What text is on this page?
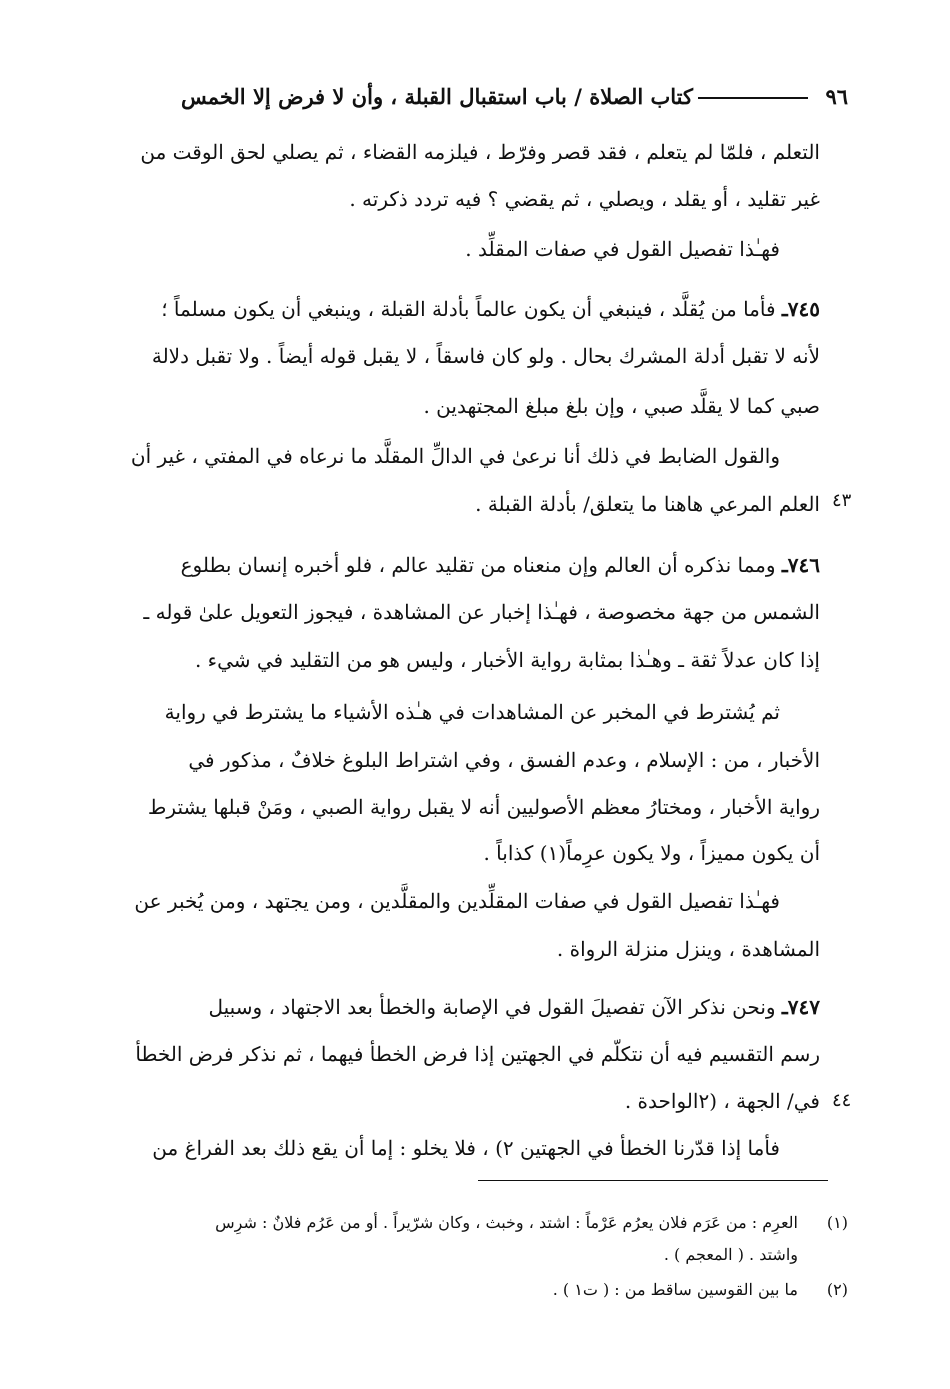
٩٦
كتاب الصلاة / باب استقبال القبلة ، وأن لا فرض إلا الخمس
التعلم ، فلمّا لم يتعلم ، فقد قصر وفرّط ، فيلزمه القضاء ، ثم يصلي لحق الوقت من
غير تقليد ، أو يقلد ، ويصلي ، ثم يقضي ؟ فيه تردد ذكرته .
فهـٰذا تفصيل القول في صفات المقلِّد .
٧٤٥ـ فأما من يُقلَّد ، فينبغي أن يكون عالماً بأدلة القبلة ، وينبغي أن يكون مسلماً ؛
لأنه لا تقبل أدلة المشرك بحال . ولو كان فاسقاً ، لا يقبل قوله أيضاً . ولا تقبل دلالة
صبي كما لا يقلَّد صبي ، وإن بلغ مبلغ المجتهدين .
والقول الضابط في ذلك أنا نرعىٰ في الدالِّ المقلَّد ما نرعاه في المفتي ، غير أن
العلم المرعي هاهنا ما يتعلق/ بأدلة القبلة . ٤٣
٧٤٦ـ ومما نذكره أن العالم وإن منعناه من تقليد عالم ، فلو أخبره إنسان بطلوع
الشمس من جهة مخصوصة ، فهـٰذا إخبار عن المشاهدة ، فيجوز التعويل علىٰ قوله ـ
إذا كان عدلاً ثقة ـ وهـٰذا بمثابة رواية الأخبار ، وليس هو من التقليد في شيء .
ثم يُشترط في المخبر عن المشاهدات في هـٰذه الأشياء ما يشترط في رواية
الأخبار ، من : الإسلام ، وعدم الفسق ، وفي اشتراط البلوغ خلافٌ ، مذكور في
رواية الأخبار ، ومختارُ معظم الأصوليين أنه لا يقبل رواية الصبي ، ومَنْ قبلها يشترط
أن يكون مميزاً ، ولا يكون عرِماً(١) كذاباً .
فهـٰذا تفصيل القول في صفات المقلِّدين والمقلَّدين ، ومن يجتهد ، ومن يُخبر عن
المشاهدة ، وينزل منزلة الرواة .
٧٤٧ـ ونحن نذكر الآن تفصيلَ القول في الإصابة والخطأ بعد الاجتهاد ، وسبيل
رسم التقسيم فيه أن نتكلّم في الجهتين إذا فرض الخطأ فيهما ، ثم نذكر فرض الخطأ
في/ الجهة ، (٢الواحدة . ٤٤
فأما إذا قدّرنا الخطأ في الجهتين ٢) ، فلا يخلو : إما أن يقع ذلك بعد الفراغ من
(١)العرِم : من عَرَم فلان يعرُم عَرْماً : اشتد ، وخبث ، وكان شرّيراً . أو من عَرُم فلانٌ : شرِس
واشتد . ( المعجم ) .
(٢)ما بين القوسين ساقط من : ( ت١ ) .
